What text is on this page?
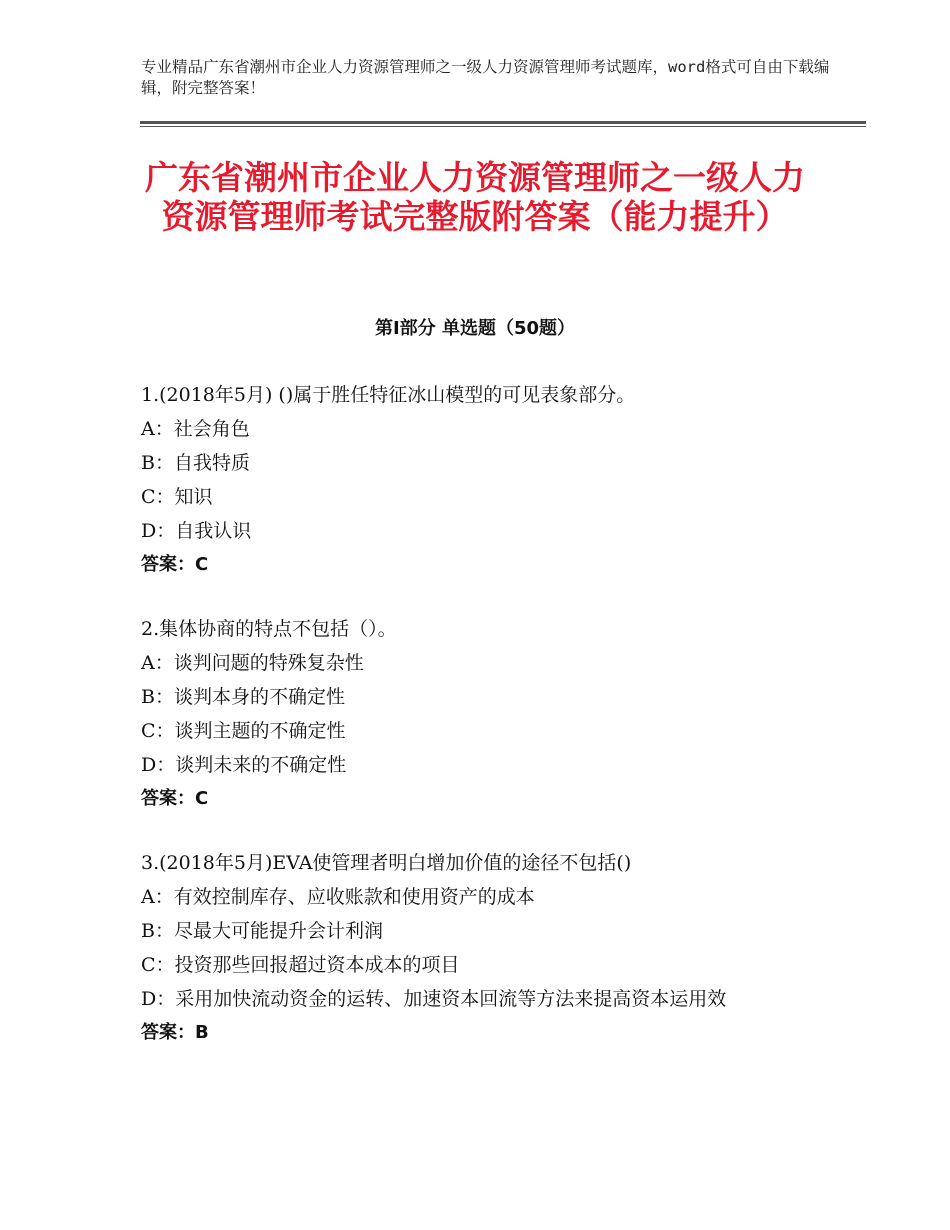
专业精品广东省潮州市企业人力资源管理师之一级人力资源管理师考试题库，word格式可自由下载编辑，附完整答案！
广东省潮州市企业人力资源管理师之一级人力资源管理师考试完整版附答案（能力提升）
第Ⅰ部分 单选题（50题）
1.(2018年5月) ()属于胜任特征冰山模型的可见表象部分。
A：社会角色
B：自我特质
C：知识
D：自我认识
答案：C
2.集体协商的特点不包括（）。
A：谈判问题的特殊复杂性
B：谈判本身的不确定性
C：谈判主题的不确定性
D：谈判未来的不确定性
答案：C
3.(2018年5月)EVA使管理者明白增加价值的途径不包括()
A：有效控制库存、应收账款和使用资产的成本
B：尽最大可能提升会计利润
C：投资那些回报超过资本成本的项目
D：采用加快流动资金的运转、加速资本回流等方法来提高资本运用效
答案：B
